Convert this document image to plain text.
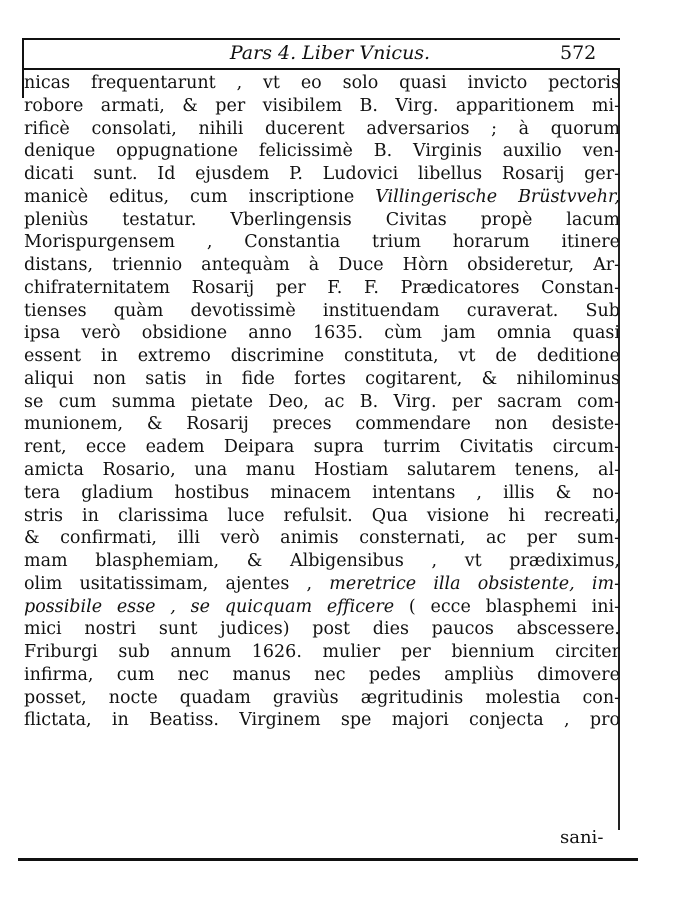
Pars 4. Liber Vnicus.	572
nicas frequentarunt , vt eo solo quasi invicto pectoris
robore armati, & per visibilem B. Virg. apparitionem mi-
rificè consolati, nihili ducerent adversarios ; à quorum
denique oppugnatione felicissimè B. Virginis auxilio ven-
dicati sunt. Id ejusdem P. Ludovici libellus Rosarij ger-
manicè editus, cum inscriptione Villingerische Brüstvvehr,
pleniùs testatur. Vberlingensis Civitas propè lacum
Morispurgensem , Constantia trium horarum itinere
distans, triennio antequàm à Duce Hòrn obsideretur, Ar-
chifraternitatem Rosarij per F. F. Prædicatores Constan-
tienses quàm devotissimè instituendam curaverat. Sub
ipsa verò obsidione anno 1635. cùm jam omnia quasi
essent in extremo discrimine constituta, vt de deditione
aliqui non satis in fide fortes cogitarent, & nihilominus
se cum summa pietate Deo, ac B. Virg. per sacram com-
munionem, & Rosarij preces commendare non desiste-
rent, ecce eadem Deipara supra turrim Civitatis circum-
amicta Rosario, una manu Hostiam salutarem tenens, al-
tera gladium hostibus minacem intentans , illis & no-
stris in clarissima luce refulsit. Qua visione hi recreati,
& confirmati, illi verò animis consternati, ac per sum-
mam blasphemiam, & Albigensibus , vt prædiximus,
olim usitatissimam, ajentes , meretrice illa obsistente, im-
possibile esse , se quicquam efficere ( ecce blasphemi ini-
mici nostri sunt judices) post dies paucos abscessere.
Friburgi sub annum 1626. mulier per biennium circiter
infirma, cum nec manus nec pedes ampliùs dimovere
posset, nocte quadam graviùs ægritudinis molestia con-
flictata, in Beatiss. Virginem spe majori conjecta , pro
sani-
